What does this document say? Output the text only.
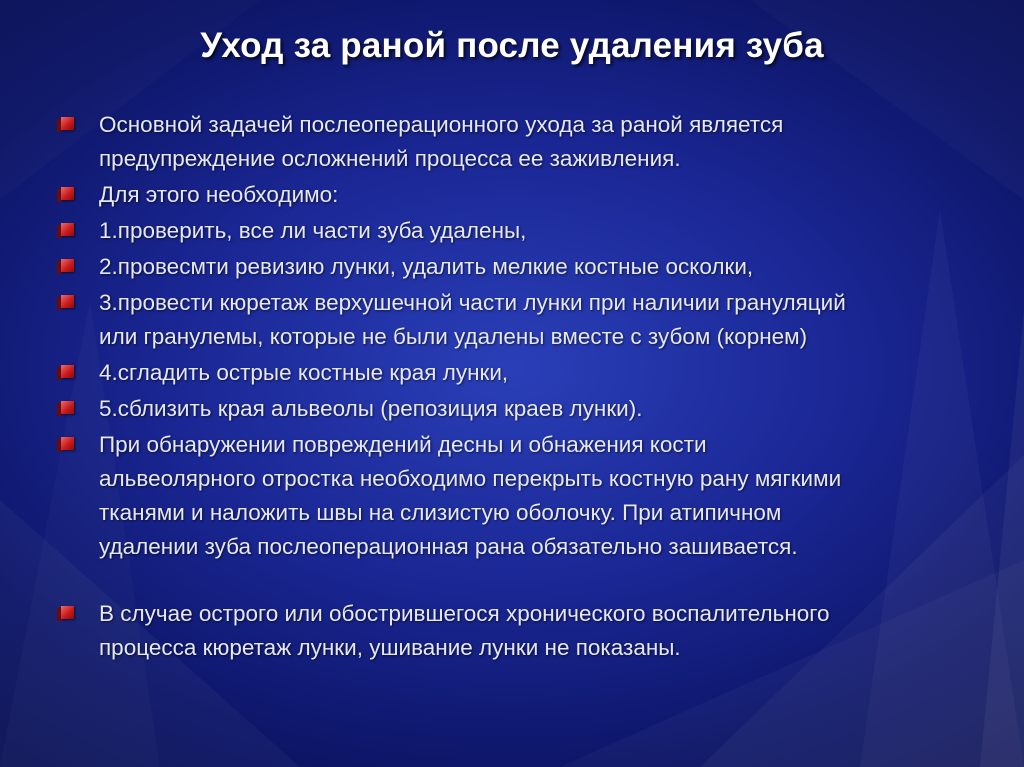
Уход за раной после удаления зуба
Основной задачей послеоперационного ухода за раной является
предупреждение осложнений процесса ее заживления.
Для этого необходимо:
1.проверить, все ли части зуба удалены,
2.провесмти ревизию лунки, удалить мелкие костные осколки,
3.провести кюретаж верхушечной части лунки при наличии грануляций
или гранулемы, которые не были удалены вместе с зубом (корнем)
4.сгладить острые костные края лунки,
5.сблизить края альвеолы (репозиция краев лунки).
При обнаружении повреждений десны и обнажения кости
альвеолярного отростка необходимо перекрыть костную рану мягкими
тканями и наложить швы на слизистую оболочку. При атипичном
удалении зуба послеоперационная рана обязательно зашивается.
В случае острого или обострившегося хронического воспалительного
процесса кюретаж лунки, ушивание лунки не показаны.
